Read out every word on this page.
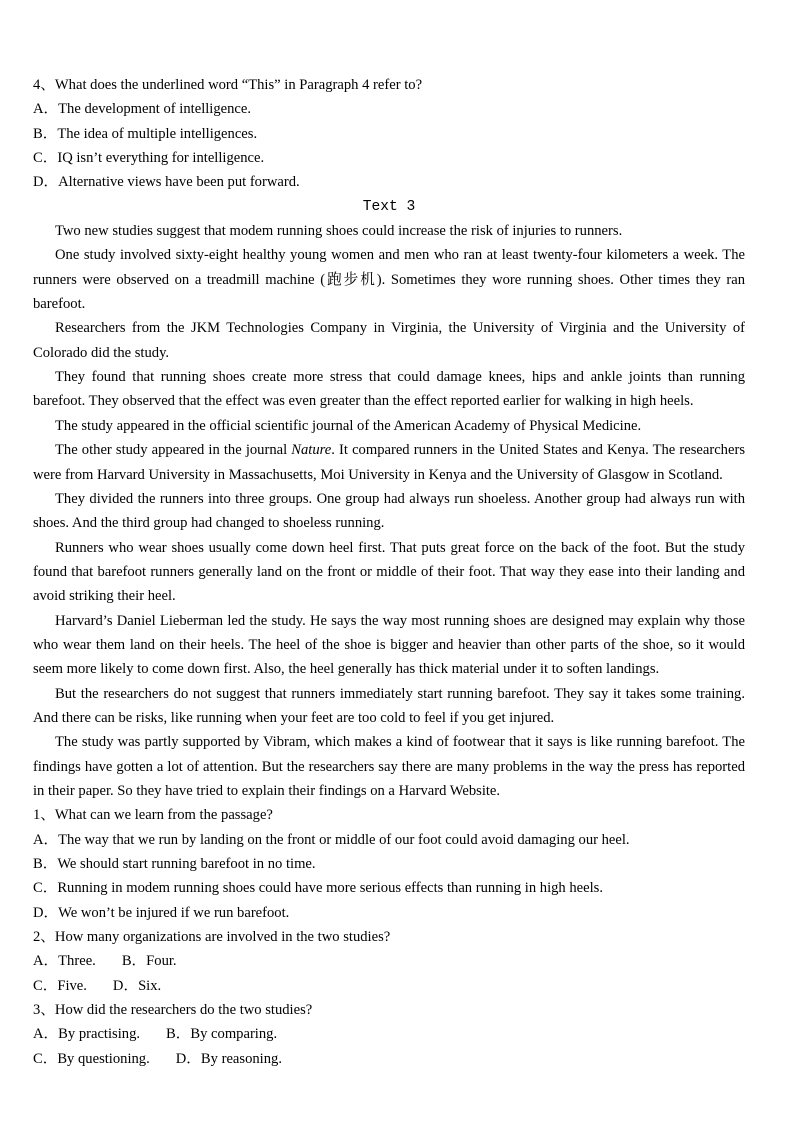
4、What does the underlined word “This” in Paragraph 4 refer to?

A．The development of intelligence.

B．The idea of multiple intelligences.

C．IQ isn’t everything for intelligence.

D．Alternative views have been put forward.

Text 3

Two new studies suggest that modem running shoes could increase the risk of injuries to runners.

One study involved sixty-eight healthy young women and men who ran at least twenty-four kilometers a week. The runners were observed on a treadmill machine (跑步机). Sometimes they wore running shoes. Other times they ran barefoot.

Researchers from the JKM Technologies Company in Virginia, the University of Virginia and the University of Colorado did the study.

They found that running shoes create more stress that could damage knees, hips and ankle joints than running barefoot. They observed that the effect was even greater than the effect reported earlier for walking in high heels.

The study appeared in the official scientific journal of the American Academy of Physical Medicine.

The other study appeared in the journal Nature. It compared runners in the United States and Kenya. The researchers were from Harvard University in Massachusetts, Moi University in Kenya and the University of Glasgow in Scotland.

They divided the runners into three groups. One group had always run shoeless. Another group had always run with shoes. And the third group had changed to shoeless running.

Runners who wear shoes usually come down heel first. That puts great force on the back of the foot. But the study found that barefoot runners generally land on the front or middle of their foot. That way they ease into their landing and avoid striking their heel.

Harvard’s Daniel Lieberman led the study. He says the way most running shoes are designed may explain why those who wear them land on their heels. The heel of the shoe is bigger and heavier than other parts of the shoe, so it would seem more likely to come down first. Also, the heel generally has thick material under it to soften landings.

But the researchers do not suggest that runners immediately start running barefoot. They say it takes some training. And there can be risks, like running when your feet are too cold to feel if you get injured.

The study was partly supported by Vibram, which makes a kind of footwear that it says is like running barefoot. The findings have gotten a lot of attention. But the researchers say there are many problems in the way the press has reported in their paper. So they have tried to explain their findings on a Harvard Website.

1、What can we learn from the passage?

A．The way that we run by landing on the front or middle of our foot could avoid damaging our heel.

B．We should start running barefoot in no time.

C．Running in modem running shoes could have more serious effects than running in high heels.

D．We won’t be injured if we run barefoot.

2、How many organizations are involved in the two studies?

A．Three. B．Four.

C．Five. D．Six.

3、How did the researchers do the two studies?

A．By practising. B．By comparing.

C．By questioning. D．By reasoning.
